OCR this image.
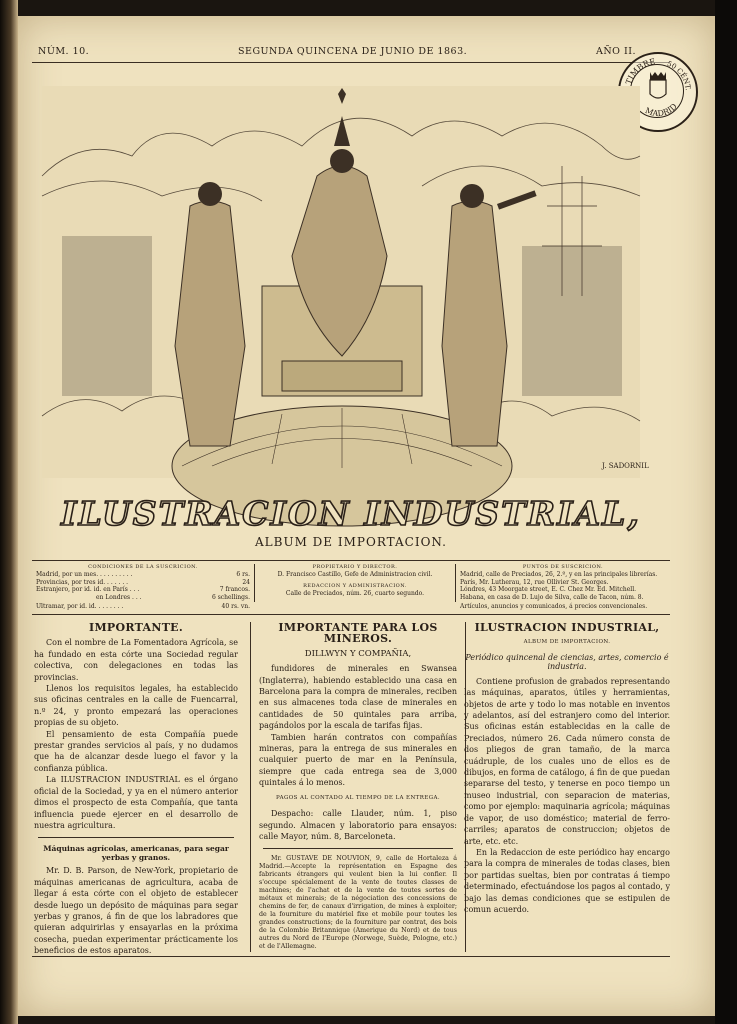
NÚM. 10.	SEGUNDA QUINCENA DE JUNIO DE 1863.	AÑO II.
TIMBRE 50 CÉNT.
MADRID
J. SADORNIL
ILUSTRACION INDUSTRIAL,
ALBUM DE IMPORTACION.
CONDICIONES DE LA SUSCRICION.
Madrid, por un mes. . . . . . . . . .	6 rs.
Provincias, por tres id. . . . . . .	24
Estranjero, por id. id. en París . . .	7 francos.
en Londres . . .	6 schellings.
PROPIETARIO Y DIRECTOR.
D. Francisco Castillo, Gefe de Administracion civil.
REDACCION Y ADMINISTRACION.
Calle de Preciados, núm. 26, cuarto segundo.
PUNTOS DE SUSCRICION.
Madrid, calle de Preciados, 26, 2.º, y en las principales librerías.
París, Mr. Lutherau, 12, rue Ollivier St. Georges.
Lóndres, 43 Moorgate street, E. C. Chez Mr. Ed. Mitchell.
Habana, en casa de D. Lujo de Silva, calle de Tacon, núm. 8.
Ultramar, por id. id. . . . . . . .	40 rs. vn.	Artículos, anuncios y comunicados, á precios convencionales.
IMPORTANTE.

Con el nombre de La Fomentadora Agrícola, se ha fundado en esta córte una Sociedad regular colectiva, con delegaciones en todas las provincias.

Llenos los requisitos legales, ha establecido sus oficinas centrales en la calle de Fuencarral, n.º 24, y pronto empezará las operaciones propias de su objeto.

El pensamiento de esta Compañía puede prestar grandes servicios al país, y no dudamos que ha de alcanzar desde luego el favor y la confianza pública.

La ILUSTRACION INDUSTRIAL es el órgano oficial de la Sociedad, y ya en el número anterior dimos el prospecto de esta Compañía, que tanta influencia puede ejercer en el desarrollo de nuestra agricultura.

Máquinas agrícolas, americanas, para segar yerbas y granos.

Mr. D. B. Parson, de New-York, propietario de máquinas americanas de agricultura, acaba de llegar á esta córte con el objeto de establecer desde luego un depósito de máquinas para segar yerbas y granos, á fin de que los labradores que quieran adquirirlas y ensayarlas en la próxima cosecha, puedan experimentar prácticamente los beneficios de estos aparatos.

IMPORTANTE PARA LOS MINEROS.
DILLWYN Y COMPAÑIA,

fundidores de minerales en Swansea (Inglaterra), habiendo establecido una casa en Barcelona para la compra de minerales, reciben en sus almacenes toda clase de minerales en cantidades de 50 quintales para arriba, pagándolos por la escala de tarifas fijas.

Tambien harán contratos con compañías mineras, para la entrega de sus minerales en cualquier puerto de mar en la Península, siempre que cada entrega sea de 3,000 quintales á lo menos.

PAGOS AL CONTADO AL TIEMPO DE LA ENTREGA.

Despacho: calle Llauder, núm. 1, piso segundo. Almacen y laboratorio para ensayos: calle Mayor, núm. 8, Barceloneta.

Mr. GUSTAVE DE NOUVION, 9, calle de Hortaleza á Madrid.—Accepte la représentation en Espagne des fabricants étrangers qui veulent bien la lui confier. Il s'occupe spécialement de la vente de toutes classes de machines; de l'achat et de la vente de toutes sortes de métaux et minerais; de la négociation des concessions de chemins de fer, de canaux d'irrigation, de mines à exploiter; de la fourniture du matériel fixe et mobile pour toutes les grandes constructions; de la fourniture par contrat, des bois de la Colombie Britannique (Amerique du Nord) et de tous autres du Nord de l'Europe (Norwege, Suède, Pologne, etc.) et de l'Allemagne.

ILUSTRACION INDUSTRIAL,
ALBUM DE IMPORTACION.
Periódico quincenal de ciencias, artes, comercio é industria.

Contiene profusion de grabados representando las máquinas, aparatos, útiles y herramientas, objetos de arte y todo lo mas notable en inventos y adelantos, así del estranjero como del interior. Sus oficinas están establecidas en la calle de Preciados, número 26. Cada número consta de dos pliegos de gran tamaño, de la marca cuádruple, de los cuales uno de ellos es de dibujos, en forma de catálogo, á fin de que puedan separarse del testo, y tenerse en poco tiempo un museo industrial, con separacion de materias, como por ejemplo: maquinaria agrícola; máquinas de vapor, de uso doméstico; material de ferro-carriles; aparatos de construccion; objetos de arte, etc. etc.

En la Redaccion de este periódico hay encargo para la compra de minerales de todas clases, bien por partidas sueltas, bien por contratas á tiempo determinado, efectuándose los pagos al contado, y bajo las demas condiciones que se estipulen de comun acuerdo.
